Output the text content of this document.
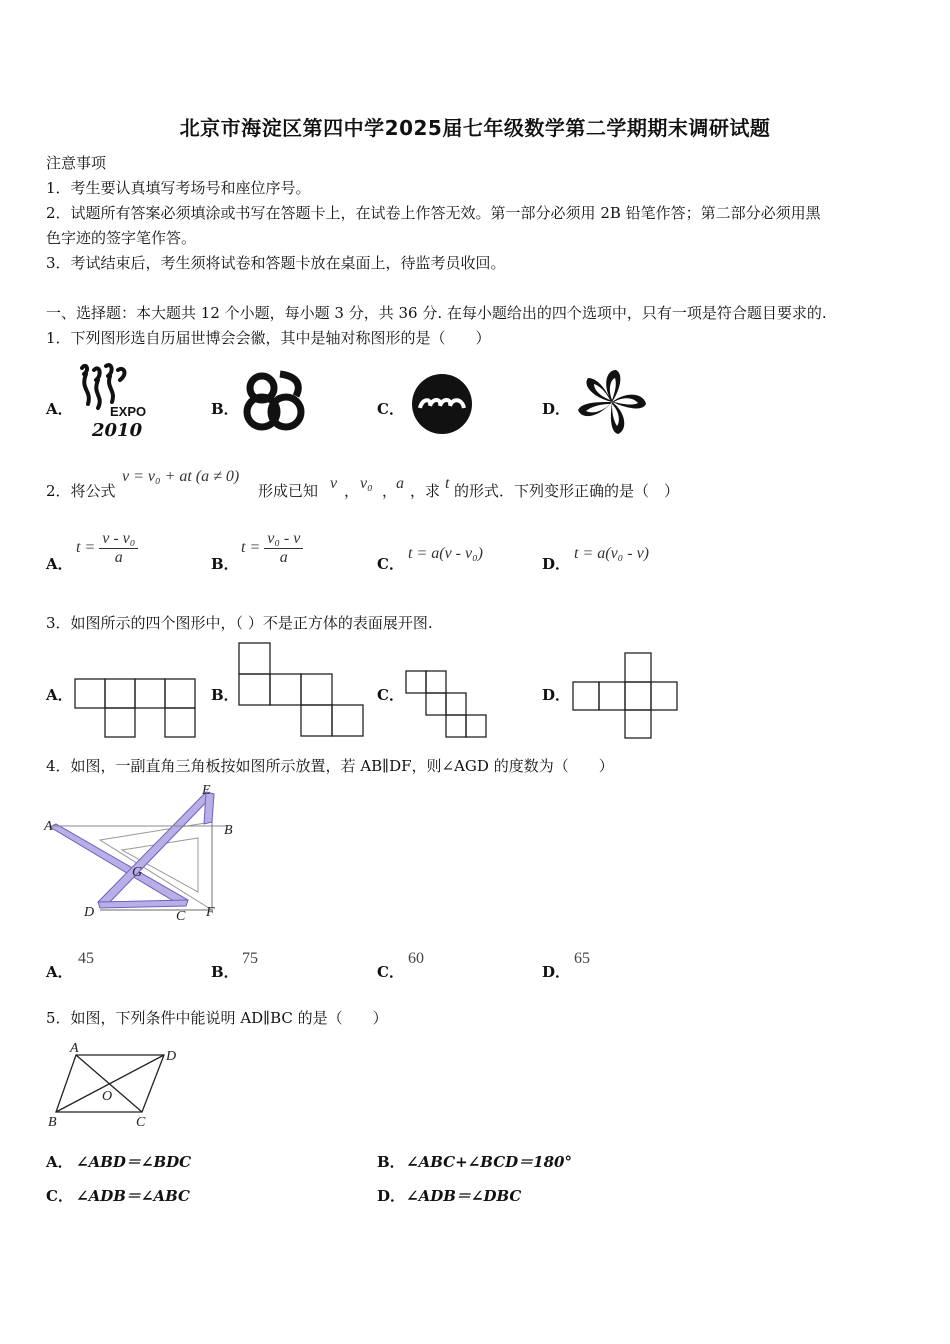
北京市海淀区第四中学2025届七年级数学第二学期期末调研试题
注意事项
1．考生要认真填写考场号和座位序号。
2．试题所有答案必须填涂或书写在答题卡上，在试卷上作答无效。第一部分必须用 2B 铅笔作答；第二部分必须用黑
色字迹的签字笔作答。
3．考试结束后，考生须将试卷和答题卡放在桌面上，待监考员收回。
一、选择题：本大题共 12 个小题，每小题 3 分，共 36 分. 在每小题给出的四个选项中，只有一项是符合题目要求的.
1．下列图形选自历届世博会会徽，其中是轴对称图形的是（　　）
A．	B．	C．	D．
EXPO
2010
2．将公式
v = v₀ + at (a ≠ 0)
形成已知 v ， v₀ ，
a ，求 t 的形式．下列变形正确的是（　）
A．
$t = \frac{\text{v - v₀}}{a}$	B．
$t = \frac{\text{v₀ - v}}{a}$	C．
t = a(v - v₀)
D．
t = a(v₀ - v)
3．如图所示的四个图形中，（ ）不是正方体的表面展开图.
A．	B．	C．	D．
4．如图，一副直角三角板按如图所示放置，若 AB∥DF，则∠AGD 的度数为（　　）
A	B
C
D
E
F
G
A．
45
B．
75
C．
60
D．
65
5．如图，下列条件中能说明 AD∥BC 的是（　　）
A
D
B	C
O
A． ∠ABD＝∠BDC	B． ∠ABC+∠BCD＝180°
C． ∠ADB＝∠ABC	D． ∠ADB＝∠DBC
